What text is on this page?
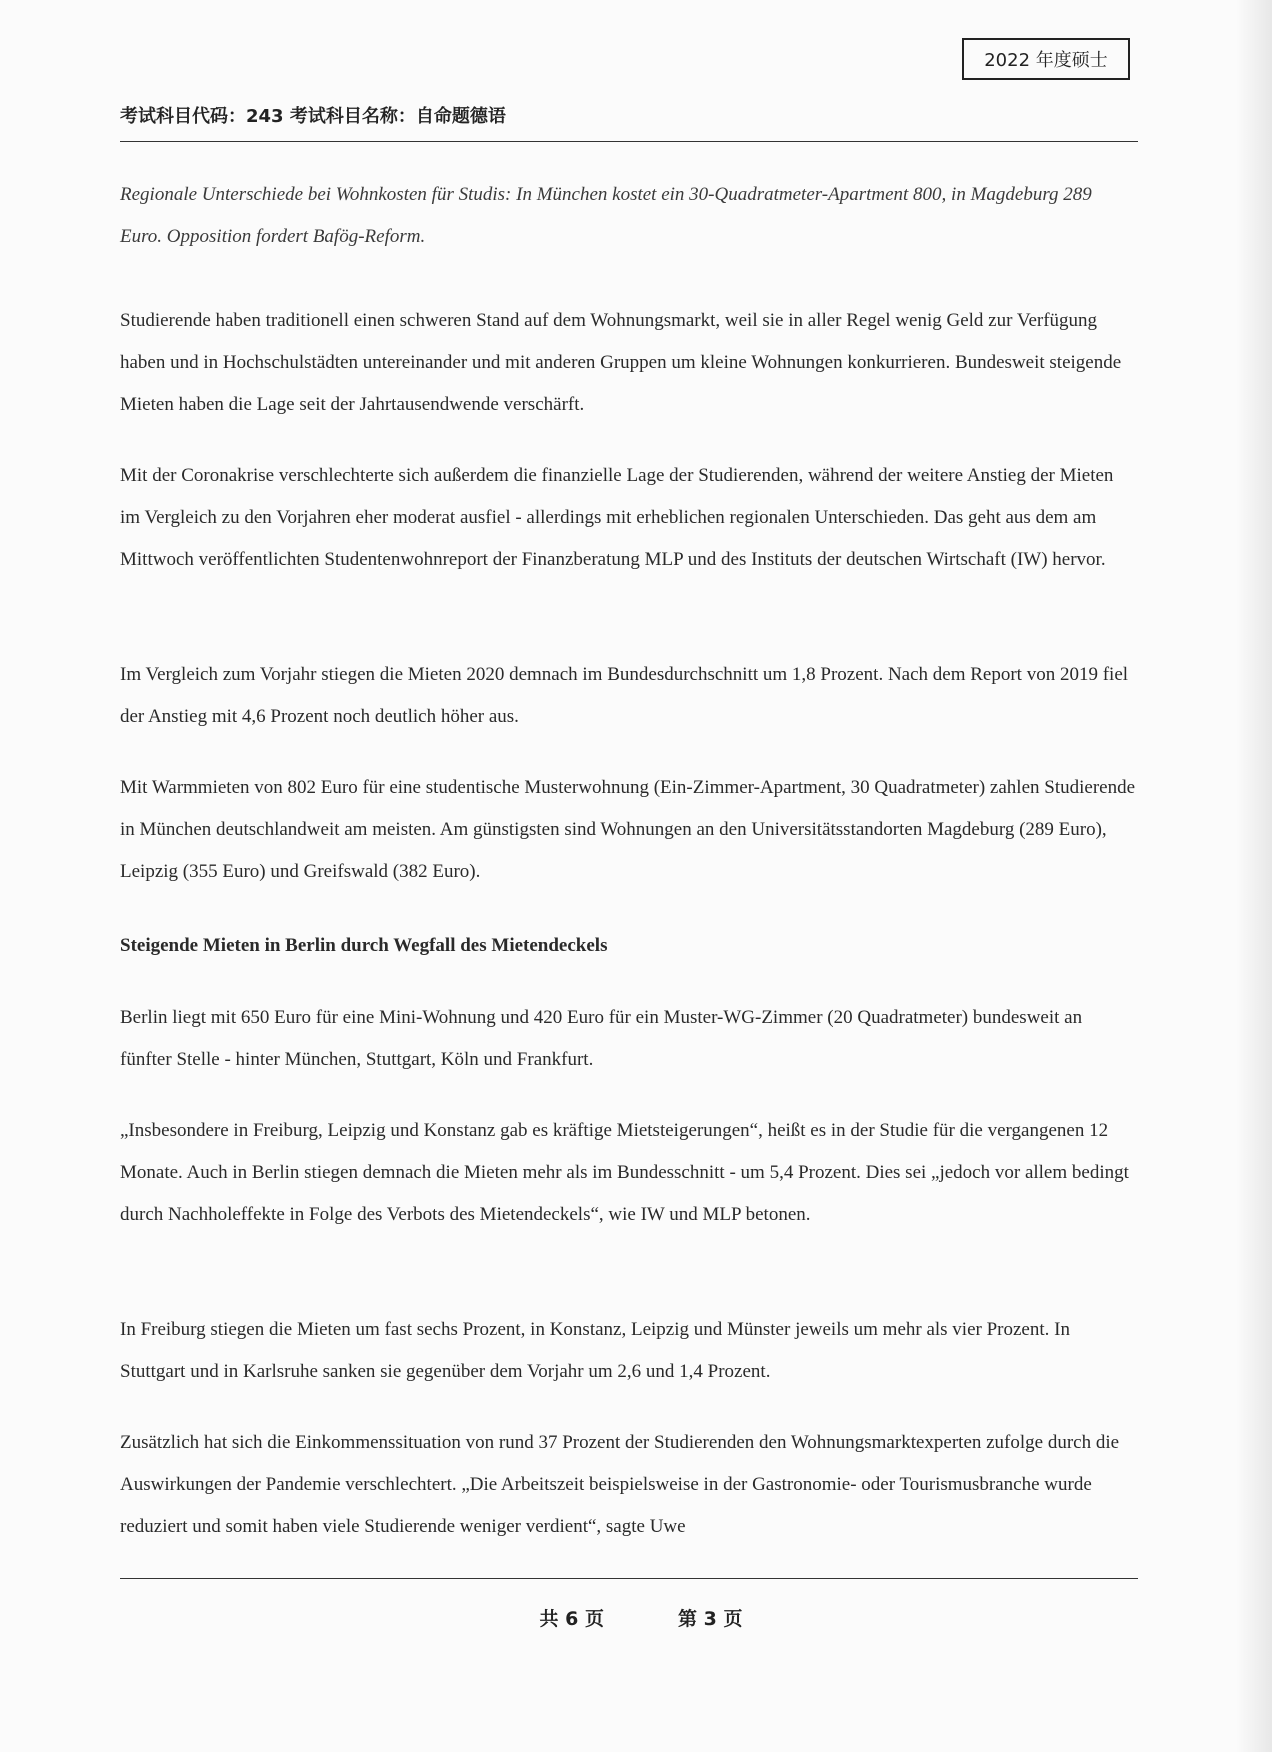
2022 年度硕士
考试科目代码：243 考试科目名称：自命题德语

Regionale Unterschiede bei Wohnkosten für Studis: In München kostet ein 30-Quadratmeter-Apartment 800, in Magdeburg 289 Euro. Opposition fordert Bafög-Reform.

Studierende haben traditionell einen schweren Stand auf dem Wohnungsmarkt, weil sie in aller Regel wenig Geld zur Verfügung haben und in Hochschulstädten untereinander und mit anderen Gruppen um kleine Wohnungen konkurrieren. Bundesweit steigende Mieten haben die Lage seit der Jahrtausendwende verschärft.

Mit der Coronakrise verschlechterte sich außerdem die finanzielle Lage der Studierenden, während der weitere Anstieg der Mieten im Vergleich zu den Vorjahren eher moderat ausfiel - allerdings mit erheblichen regionalen Unterschieden. Das geht aus dem am Mittwoch veröffentlichten Studentenwohnreport der Finanzberatung MLP und des Instituts der deutschen Wirtschaft (IW) hervor.

Im Vergleich zum Vorjahr stiegen die Mieten 2020 demnach im Bundesdurchschnitt um 1,8 Prozent. Nach dem Report von 2019 fiel der Anstieg mit 4,6 Prozent noch deutlich höher aus.

Mit Warmmieten von 802 Euro für eine studentische Musterwohnung (Ein-Zimmer-Apartment, 30 Quadratmeter) zahlen Studierende in München deutschlandweit am meisten. Am günstigsten sind Wohnungen an den Universitätsstandorten Magdeburg (289 Euro), Leipzig (355 Euro) und Greifswald (382 Euro).

Steigende Mieten in Berlin durch Wegfall des Mietendeckels

Berlin liegt mit 650 Euro für eine Mini-Wohnung und 420 Euro für ein Muster-WG-Zimmer (20 Quadratmeter) bundesweit an fünfter Stelle - hinter München, Stuttgart, Köln und Frankfurt.

„Insbesondere in Freiburg, Leipzig und Konstanz gab es kräftige Mietsteigerungen“, heißt es in der Studie für die vergangenen 12 Monate. Auch in Berlin stiegen demnach die Mieten mehr als im Bundesschnitt - um 5,4 Prozent. Dies sei „jedoch vor allem bedingt durch Nachholeffekte in Folge des Verbots des Mietendeckels“, wie IW und MLP betonen.

In Freiburg stiegen die Mieten um fast sechs Prozent, in Konstanz, Leipzig und Münster jeweils um mehr als vier Prozent. In Stuttgart und in Karlsruhe sanken sie gegenüber dem Vorjahr um 2,6 und 1,4 Prozent.

Zusätzlich hat sich die Einkommenssituation von rund 37 Prozent der Studierenden den Wohnungsmarktexperten zufolge durch die Auswirkungen der Pandemie verschlechtert. „Die Arbeitszeit beispielsweise in der Gastronomie- oder Tourismusbranche wurde reduziert und somit haben viele Studierende weniger verdient“, sagte Uwe

共 6 页	第 3 页
